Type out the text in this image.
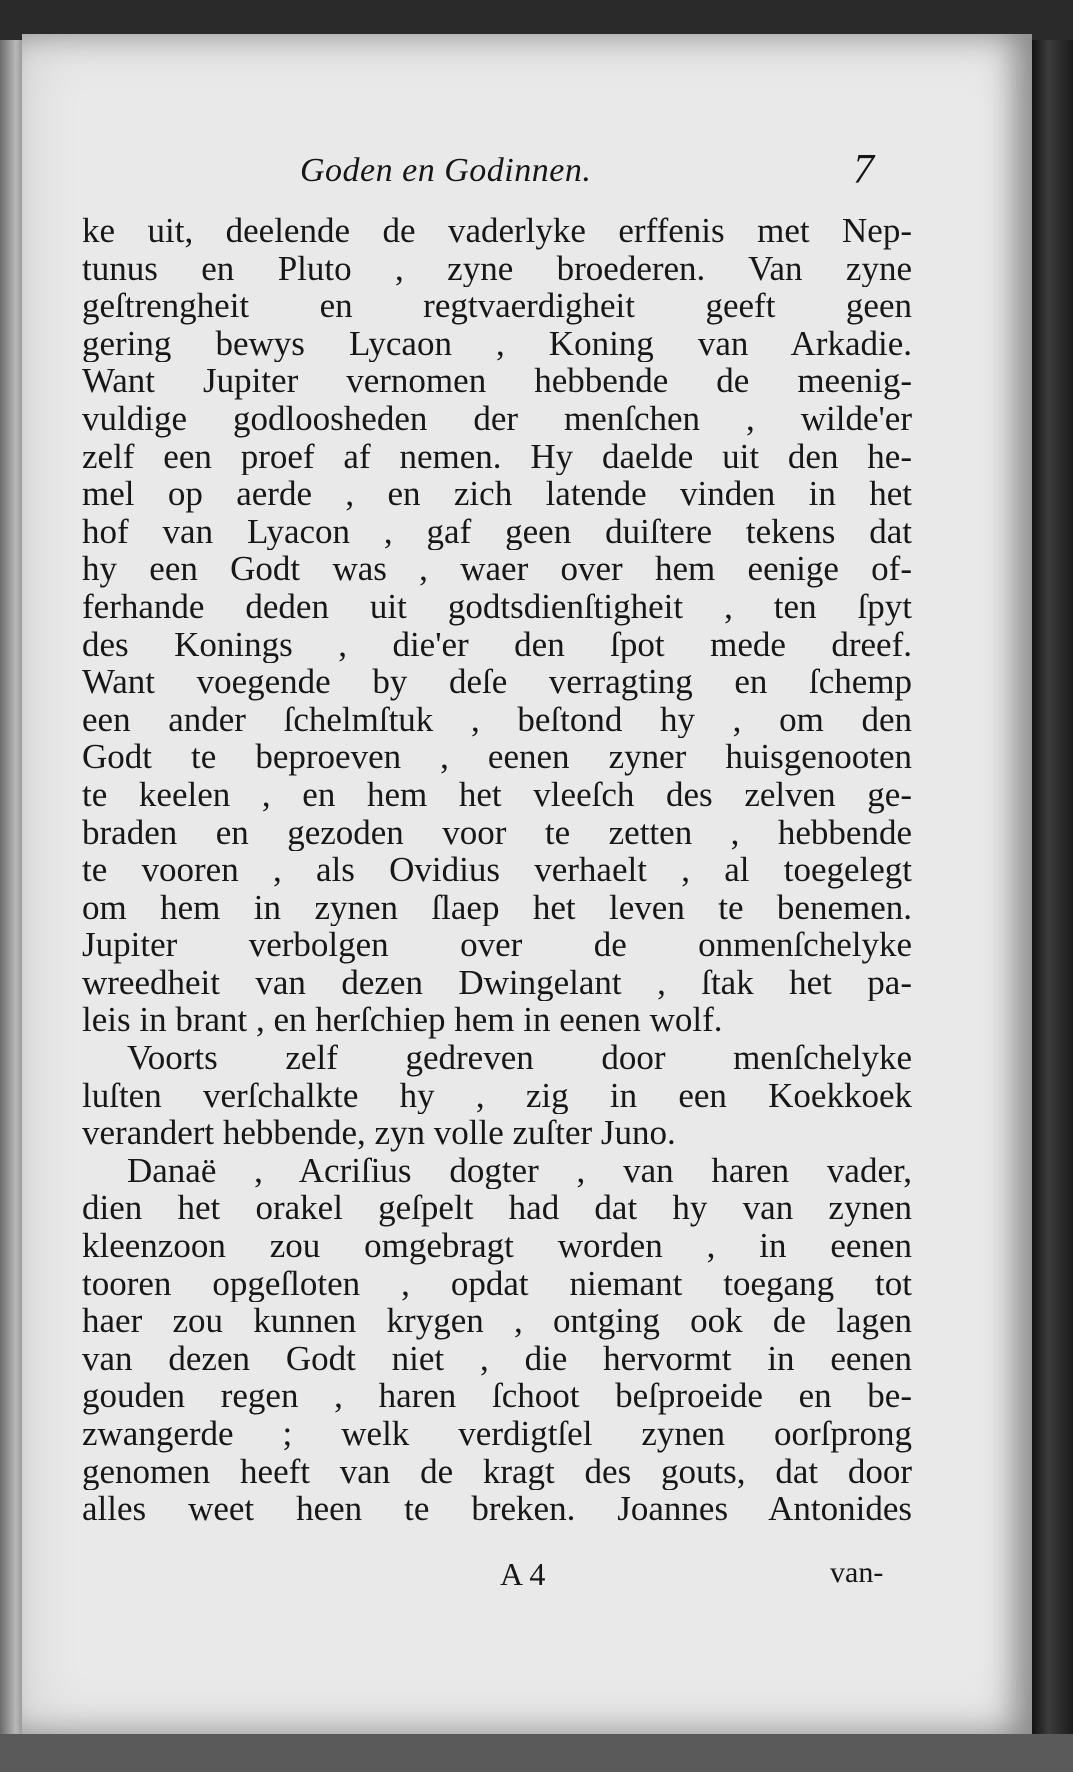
Goden en Godinnen.	7
ke uit, deelende de vaderlyke erffenis met Nep-
tunus en Pluto , zyne broederen. Van zyne
geſtrengheit en regtvaerdigheit geeft geen
gering bewys Lycaon , Koning van Arkadie.
Want Jupiter vernomen hebbende de meenig-
vuldige godloosheden der menſchen , wilde'er
zelf een proef af nemen. Hy daelde uit den he-
mel op aerde , en zich latende vinden in het
hof van Lyacon , gaf geen duiſtere tekens dat
hy een Godt was , waer over hem eenige of-
ferhande deden uit godtsdienſtigheit , ten ſpyt
des Konings , die'er den ſpot mede dreef.
Want voegende by deſe verragting en ſchemp
een ander ſchelmſtuk , beſtond hy , om den
Godt te beproeven , eenen zyner huisgenooten
te keelen , en hem het vleeſch des zelven ge-
braden en gezoden voor te zetten , hebbende
te vooren , als Ovidius verhaelt , al toegelegt
om hem in zynen ſlaep het leven te benemen.
Jupiter verbolgen over de onmenſchelyke
wreedheit van dezen Dwingelant , ſtak het pa-
leis in brant , en herſchiep hem in eenen wolf.
Voorts zelf gedreven door menſchelyke
luſten verſchalkte hy , zig in een Koekkoek
verandert hebbende, zyn volle zuſter Juno.
Danaë , Acriſius dogter , van haren vader,
dien het orakel geſpelt had dat hy van zynen
kleenzoon zou omgebragt worden , in eenen
tooren opgeſloten , opdat niemant toegang tot
haer zou kunnen krygen , ontging ook de lagen
van dezen Godt niet , die hervormt in eenen
gouden regen , haren ſchoot beſproeide en be-
zwangerde ; welk verdigtſel zynen oorſprong
genomen heeft van de kragt des gouts, dat door
alles weet heen te breken. Joannes Antonides
A 4	van-
